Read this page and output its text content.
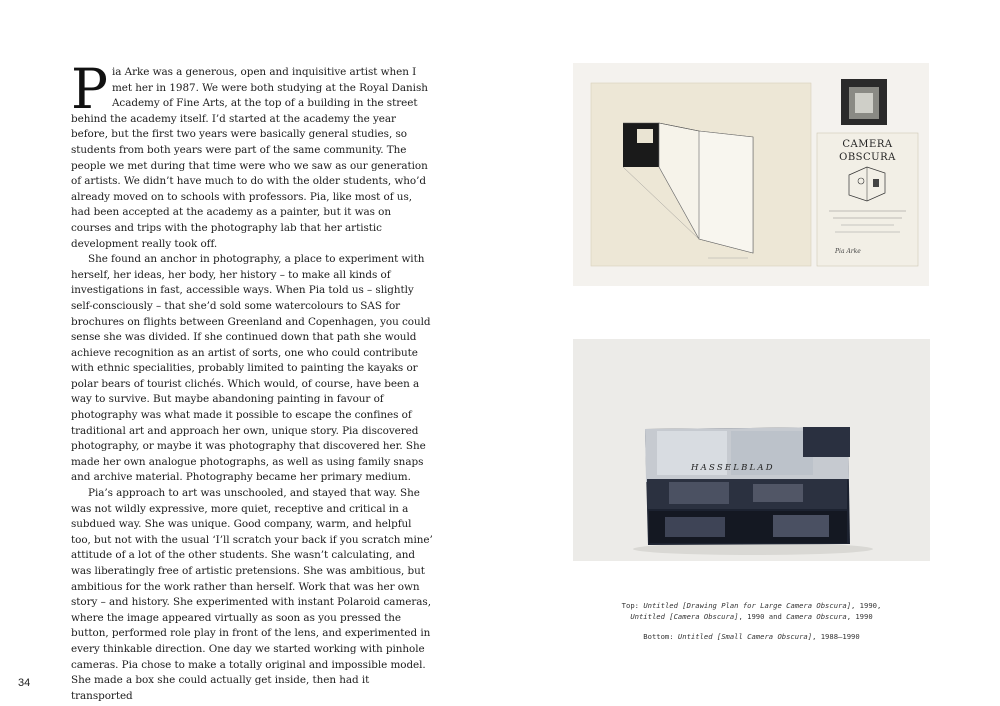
Pia Arke was a generous, open and inquisitive artist when I met her in 1987. We were both studying at the Royal Danish Academy of Fine Arts, at the top of a building in the street behind the academy itself. I’d started at the academy the year before, but the first two years were basically general studies, so students from both years were part of the same community. The people we met during that time were who we saw as our generation of artists. We didn’t have much to do with the older students, who’d already moved on to schools with professors. Pia, like most of us, had been accepted at the academy as a painter, but it was on courses and trips with the photography lab that her artistic development really took off.

She found an anchor in photography, a place to experiment with herself, her ideas, her body, her history – to make all kinds of investigations in fast, accessible ways. When Pia told us – slightly self-consciously – that she’d sold some watercolours to SAS for brochures on flights between Greenland and Copenhagen, you could sense she was divided. If she continued down that path she would achieve recognition as an artist of sorts, one who could contribute with ethnic specialities, probably limited to painting the kayaks or polar bears of tourist clichés. Which would, of course, have been a way to survive. But maybe abandoning painting in favour of photography was what made it possible to escape the confines of traditional art and approach her own, unique story. Pia discovered photography, or maybe it was photography that discovered her. She made her own analogue photographs, as well as using family snaps and archive material. Photography became her primary medium.

Pia’s approach to art was unschooled, and stayed that way. She was not wildly expressive, more quiet, receptive and critical in a subdued way. She was unique. Good company, warm, and helpful too, but not with the usual ‘I’ll scratch your back if you scratch mine’ attitude of a lot of the other students. She wasn’t calculating, and was liberatingly free of artistic pretensions. She was ambitious, but ambitious for the work rather than herself. Work that was her own story – and history. She experimented with instant Polaroid cameras, where the image appeared virtually as soon as you pressed the button, performed role play in front of the lens, and experimented in every thinkable direction. One day we started working with pinhole cameras. Pia chose to make a totally original and impossible model. She made a box she could actually get inside, then had it transported

34
CAMERA
OBSCURA
Pia Arke
HASSELBLAD
Top: Untitled [Drawing Plan for Large Camera Obscura], 1990,
Untitled [Camera Obscura], 1990 and Camera Obscura, 1990
Bottom: Untitled [Small Camera Obscura], 1988–1990
